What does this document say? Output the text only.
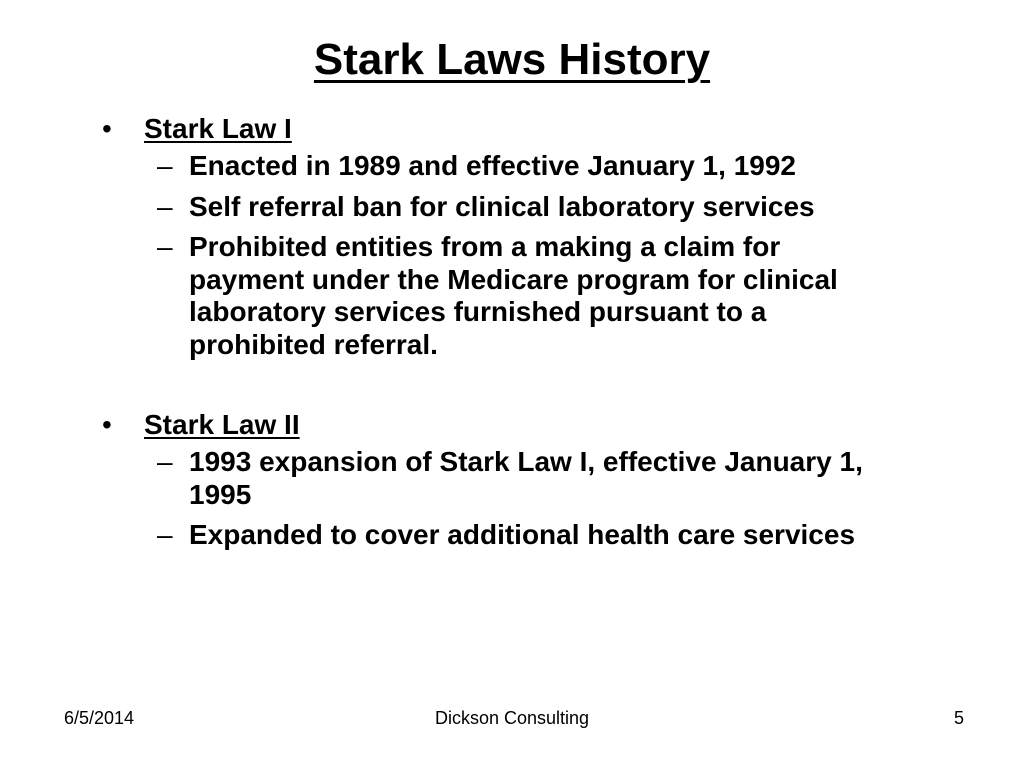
Stark Laws History
• Stark Law I
– Enacted in 1989 and effective January 1, 1992
– Self referral ban for clinical laboratory services
– Prohibited entities from a making a claim for payment under the Medicare program for clinical laboratory services furnished pursuant to a prohibited referral.
• Stark Law II
– 1993 expansion of Stark Law I, effective January 1, 1995
– Expanded to cover additional health care services
6/5/2014	Dickson Consulting	5
